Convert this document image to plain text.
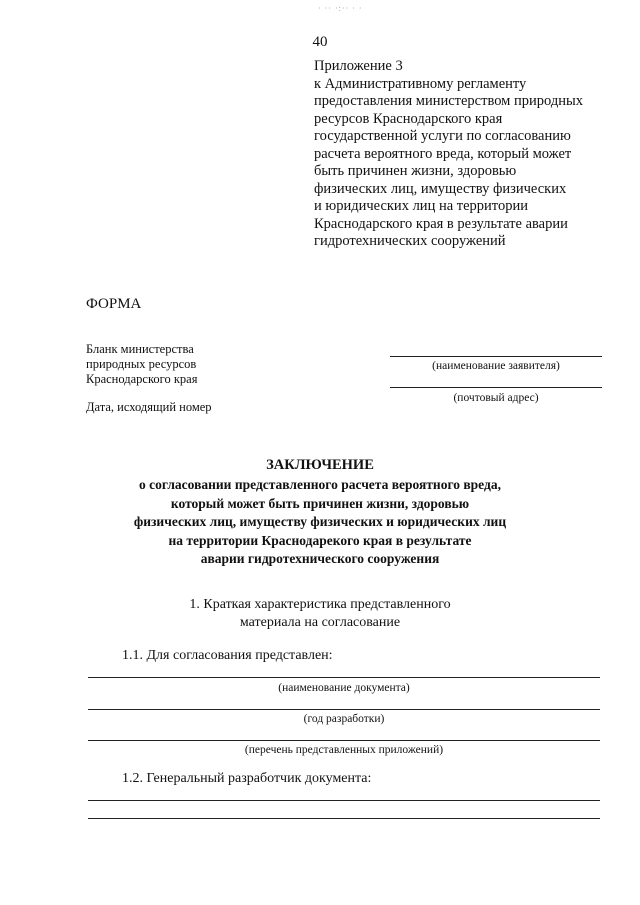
· ·· ·:·· · ·
40
Приложение 3
к Административному регламенту
предоставления министерством природных
ресурсов Краснодарского края
государственной услуги по согласованию
расчета вероятного вреда, который может
быть причинен жизни, здоровью
физических лиц, имуществу физических
и юридических лиц на территории
Краснодарского края в результате аварии
гидротехнических сооружений
ФОРМА
Бланк министерства
природных ресурсов
Краснодарского края
Дата, исходящий номер
(наименование заявителя)
(почтовый адрес)
ЗАКЛЮЧЕНИЕ
о согласовании представленного расчета вероятного вреда,
который может быть причинен жизни, здоровью
физических лиц, имуществу физических и юридических лиц
на территории Краснодарекого края в результате
аварии гидротехнического сооружения
1. Краткая характеристика представленного
материала на согласование
1.1. Для согласования представлен:
(наименование документа)
(год разработки)
(перечень представленных приложений)
1.2. Генеральный разработчик документа:
